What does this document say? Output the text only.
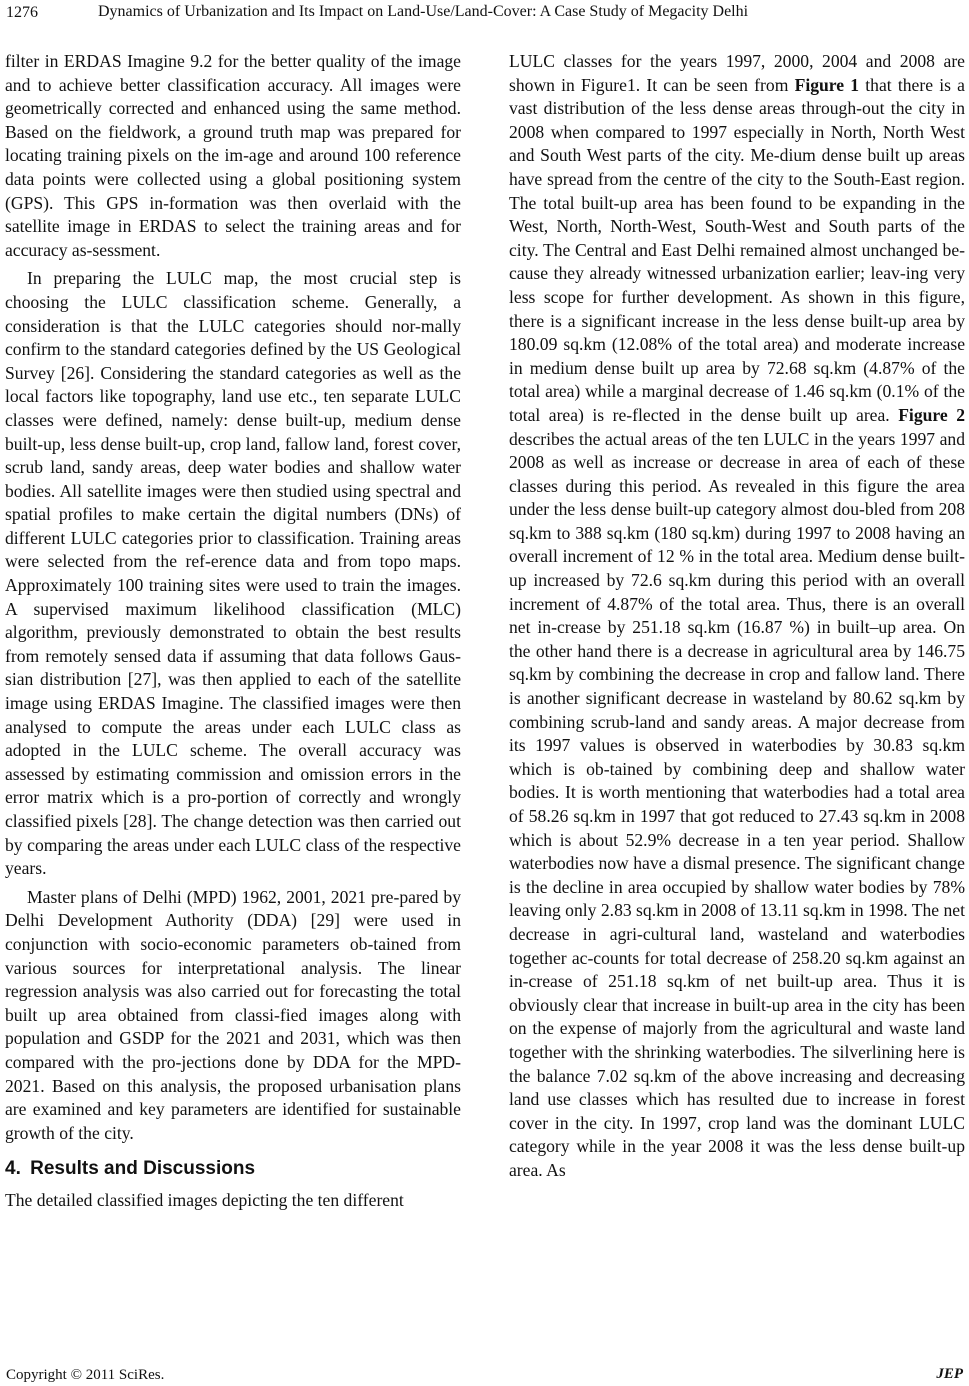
1276	Dynamics of Urbanization and Its Impact on Land-Use/Land-Cover: A Case Study of Megacity Delhi

filter in ERDAS Imagine 9.2 for the better quality of the image and to achieve better classification accuracy. All images were geometrically corrected and enhanced using the same method. Based on the fieldwork, a ground truth map was prepared for locating training pixels on the im-age and around 100 reference data points were collected using a global positioning system (GPS). This GPS in-formation was then overlaid with the satellite image in ERDAS to select the training areas and for accuracy as-sessment.

In preparing the LULC map, the most crucial step is choosing the LULC classification scheme. Generally, a consideration is that the LULC categories should nor-mally confirm to the standard categories defined by the US Geological Survey [26]. Considering the standard categories as well as the local factors like topography, land use etc., ten separate LULC classes were defined, namely: dense built-up, medium dense built-up, less dense built-up, crop land, fallow land, forest cover, scrub land, sandy areas, deep water bodies and shallow water bodies. All satellite images were then studied using spectral and spatial profiles to make certain the digital numbers (DNs) of different LULC categories prior to classification. Training areas were selected from the ref-erence data and from topo maps. Approximately 100 training sites were used to train the images. A supervised maximum likelihood classification (MLC) algorithm, previously demonstrated to obtain the best results from remotely sensed data if assuming that data follows Gaus-sian distribution [27], was then applied to each of the satellite image using ERDAS Imagine. The classified images were then analysed to compute the areas under each LULC class as adopted in the LULC scheme. The overall accuracy was assessed by estimating commission and omission errors in the error matrix which is a pro-portion of correctly and wrongly classified pixels [28]. The change detection was then carried out by comparing the areas under each LULC class of the respective years.

Master plans of Delhi (MPD) 1962, 2001, 2021 pre-pared by Delhi Development Authority (DDA) [29] were used in conjunction with socio-economic parameters ob-tained from various sources for interpretational analysis. The linear regression analysis was also carried out for forecasting the total built up area obtained from classi-fied images along with population and GSDP for the 2021 and 2031, which was then compared with the pro-jections done by DDA for the MPD-2021. Based on this analysis, the proposed urbanisation plans are examined and key parameters are identified for sustainable growth of the city.

4. Results and Discussions

The detailed classified images depicting the ten different

LULC classes for the years 1997, 2000, 2004 and 2008 are shown in Figure1. It can be seen from Figure 1 that there is a vast distribution of the less dense areas through-out the city in 2008 when compared to 1997 especially in North, North West and South West parts of the city. Me-dium dense built up areas have spread from the centre of the city to the South-East region. The total built-up area has been found to be expanding in the West, North, North-West, South-West and South parts of the city. The Central and East Delhi remained almost unchanged be-cause they already witnessed urbanization earlier; leav-ing very less scope for further development. As shown in this figure, there is a significant increase in the less dense built-up area by 180.09 sq.km (12.08% of the total area) and moderate increase in medium dense built up area by 72.68 sq.km (4.87% of the total area) while a marginal decrease of 1.46 sq.km (0.1% of the total area) is re-flected in the dense built up area. Figure 2 describes the actual areas of the ten LULC in the years 1997 and 2008 as well as increase or decrease in area of each of these classes during this period. As revealed in this figure the area under the less dense built-up category almost dou-bled from 208 sq.km to 388 sq.km (180 sq.km) during 1997 to 2008 having an overall increment of 12 % in the total area. Medium dense built-up increased by 72.6 sq.km during this period with an overall increment of 4.87% of the total area. Thus, there is an overall net in-crease by 251.18 sq.km (16.87 %) in built–up area. On the other hand there is a decrease in agricultural area by 146.75 sq.km by combining the decrease in crop and fallow land. There is another significant decrease in wasteland by 80.62 sq.km by combining scrub-land and sandy areas. A major decrease from its 1997 values is observed in waterbodies by 30.83 sq.km which is ob-tained by combining deep and shallow water bodies. It is worth mentioning that waterbodies had a total area of 58.26 sq.km in 1997 that got reduced to 27.43 sq.km in 2008 which is about 52.9% decrease in a ten year period. Shallow waterbodies now have a dismal presence. The significant change is the decline in area occupied by shallow water bodies by 78% leaving only 2.83 sq.km in 2008 of 13.11 sq.km in 1998. The net decrease in agri-cultural land, wasteland and waterbodies together ac-counts for total decrease of 258.20 sq.km against an in-crease of 251.18 sq.km of net built-up area. Thus it is obviously clear that increase in built-up area in the city has been on the expense of majorly from the agricultural and waste land together with the shrinking waterbodies. The silverlining here is the balance 7.02 sq.km of the above increasing and decreasing land use classes which has resulted due to increase in forest cover in the city. In 1997, crop land was the dominant LULC category while in the year 2008 it was the less dense built-up area. As

Copyright © 2011 SciRes.	JEP
